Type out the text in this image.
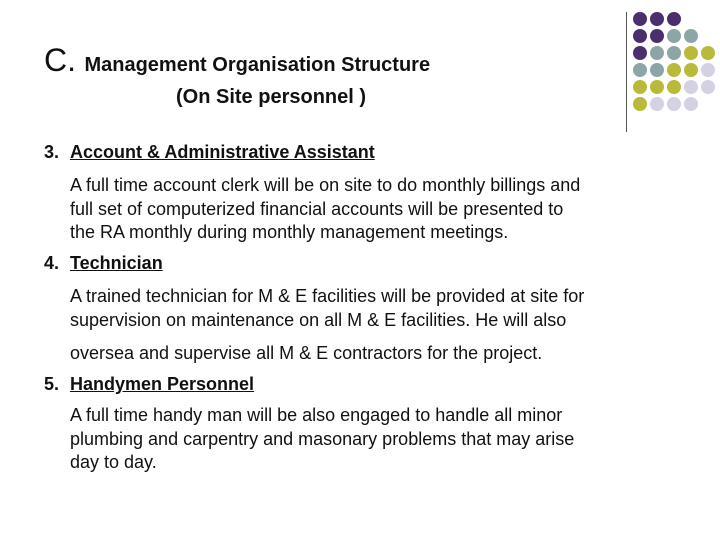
C. Management Organisation Structure
(On Site personnel )
3. Account & Administrative Assistant
A full time account clerk will be on site to do monthly billings and
full set of computerized financial accounts will be presented to
the RA monthly during monthly management meetings.
4. Technician
A trained technician for M & E facilities will be provided at site for
supervision on maintenance on all M & E facilities. He will also
oversea and supervise all M & E contractors for the project.
5. Handymen Personnel
A full time handy man will be also engaged to handle all minor
plumbing and carpentry and masonary problems that may arise
day to day.
